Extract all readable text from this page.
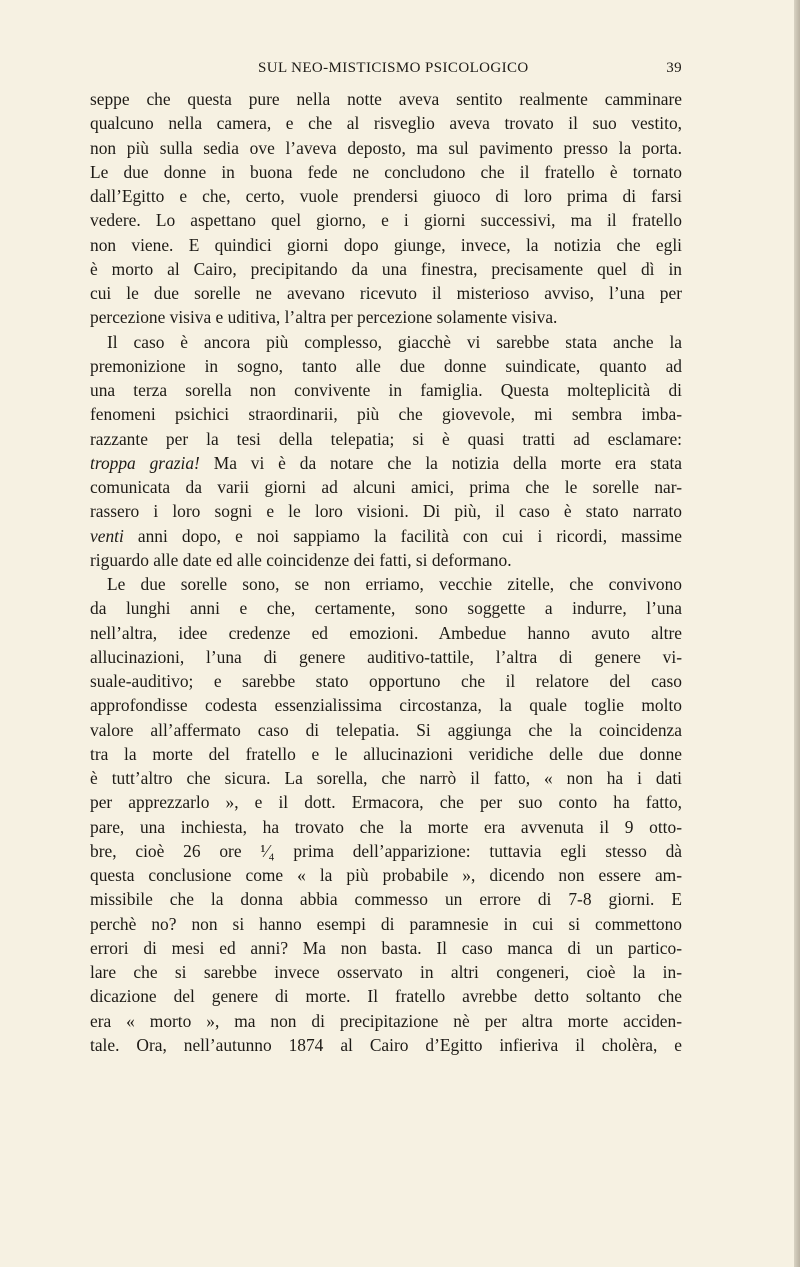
SUL NEO-MISTICISMO PSICOLOGICO	39
seppe che questa pure nella notte aveva sentito realmente camminare
qualcuno nella camera, e che al risveglio aveva trovato il suo vestito,
non più sulla sedia ove l’aveva deposto, ma sul pavimento presso la porta.
Le due donne in buona fede ne concludono che il fratello è tornato
dall’Egitto e che, certo, vuole prendersi giuoco di loro prima di farsi
vedere. Lo aspettano quel giorno, e i giorni successivi, ma il fratello
non viene. E quindici giorni dopo giunge, invece, la notizia che egli
è morto al Cairo, precipitando da una finestra, precisamente quel dì in
cui le due sorelle ne avevano ricevuto il misterioso avviso, l’una per
percezione visiva e uditiva, l’altra per percezione solamente visiva.
Il caso è ancora più complesso, giacchè vi sarebbe stata anche la
premonizione in sogno, tanto alle due donne suindicate, quanto ad
una terza sorella non convivente in famiglia. Questa molteplicità di
fenomeni psichici straordinarii, più che giovevole, mi sembra imba-
razzante per la tesi della telepatia; si è quasi tratti ad esclamare:
troppa grazia! Ma vi è da notare che la notizia della morte era stata
comunicata da varii giorni ad alcuni amici, prima che le sorelle nar-
rassero i loro sogni e le loro visioni. Di più, il caso è stato narrato
venti anni dopo, e noi sappiamo la facilità con cui i ricordi, massime
riguardo alle date ed alle coincidenze dei fatti, si deformano.
Le due sorelle sono, se non erriamo, vecchie zitelle, che convivono
da lunghi anni e che, certamente, sono soggette a indurre, l’una
nell’altra, idee credenze ed emozioni. Ambedue hanno avuto altre
allucinazioni, l’una di genere auditivo-tattile, l’altra di genere vi-
suale-auditivo; e sarebbe stato opportuno che il relatore del caso
approfondisse codesta essenzialissima circostanza, la quale toglie molto
valore all’affermato caso di telepatia. Si aggiunga che la coincidenza
tra la morte del fratello e le allucinazioni veridiche delle due donne
è tutt’altro che sicura. La sorella, che narrò il fatto, « non ha i dati
per apprezzarlo », e il dott. Ermacora, che per suo conto ha fatto,
pare, una inchiesta, ha trovato che la morte era avvenuta il 9 otto-
bre, cioè 26 ore ¹⁄₄ prima dell’apparizione: tuttavia egli stesso dà
questa conclusione come « la più probabile », dicendo non essere am-
missibile che la donna abbia commesso un errore di 7-8 giorni. E
perchè no? non si hanno esempi di paramnesie in cui si commettono
errori di mesi ed anni? Ma non basta. Il caso manca di un partico-
lare che si sarebbe invece osservato in altri congeneri, cioè la in-
dicazione del genere di morte. Il fratello avrebbe detto soltanto che
era « morto », ma non di precipitazione nè per altra morte acciden-
tale. Ora, nell’autunno 1874 al Cairo d’Egitto infieriva il cholèra, e
